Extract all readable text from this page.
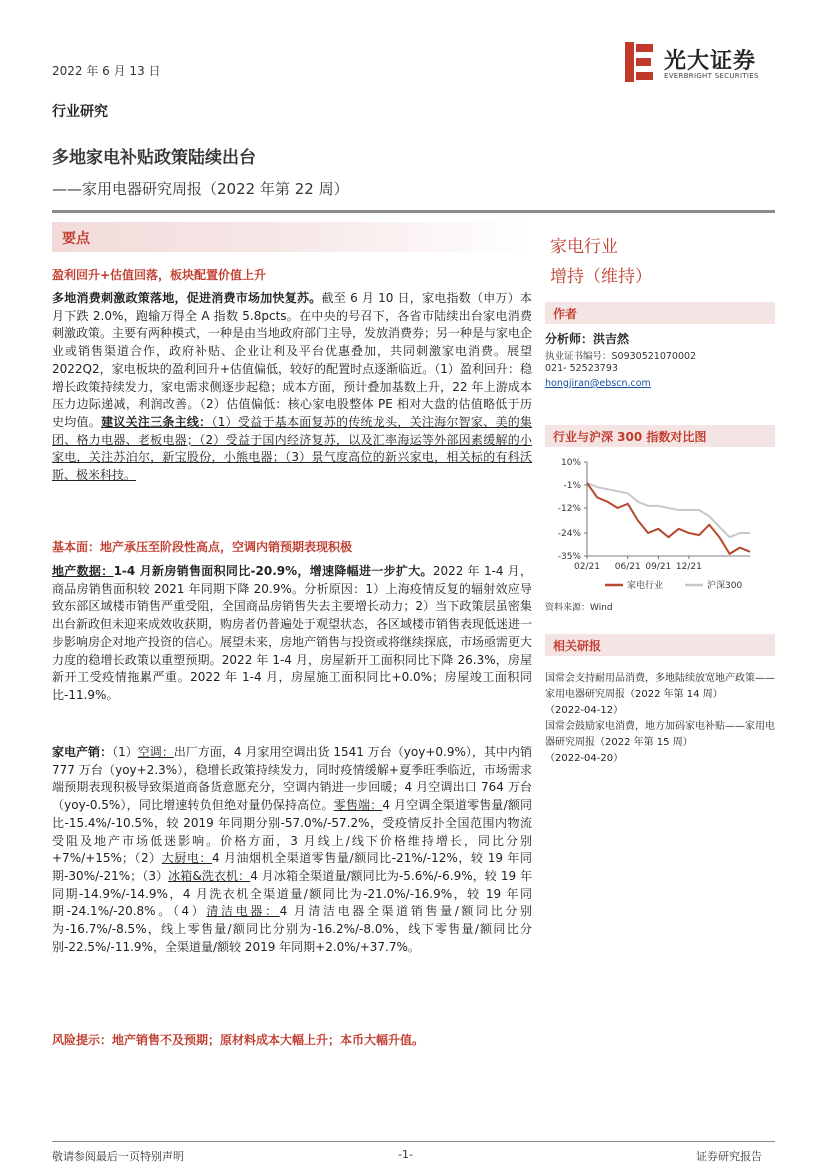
2022 年 6 月 13 日	光大证券
EVERBRIGHT SECURITIES
行业研究
多地家电补贴政策陆续出台
——家用电器研究周报（2022 年第 22 周）
要点
盈利回升+估值回落，板块配置价值上升
多地消费刺激政策落地，促进消费市场加快复苏。截至 6 月 10 日，家电指数（申万）本月下跌 2.0%，跑输万得全 A 指数 5.8pcts。在中央的号召下，各省市陆续出台家电消费刺激政策。主要有两种模式，一种是由当地政府部门主导，发放消费券；另一种是与家电企业或销售渠道合作，政府补贴、企业让利及平台优惠叠加，共同刺激家电消费。展望 2022Q2，家电板块的盈利回升+估值偏低，较好的配置时点逐渐临近。（1）盈利回升：稳增长政策持续发力，家电需求侧逐步起稳；成本方面，预计叠加基数上升，22 年上游成本压力边际递减，利润改善。（2）估值偏低：核心家电股整体 PE 相对大盘的估值略低于历史均值。建议关注三条主线：（1）受益于基本面复苏的传统龙头，关注海尔智家、美的集团、格力电器、老板电器；（2）受益于国内经济复苏，以及汇率海运等外部因素缓解的小家电，关注苏泊尔，新宝股份，小熊电器；（3）景气度高位的新兴家电，相关标的有科沃斯、极米科技。
基本面：地产承压至阶段性高点，空调内销预期表现积极
地产数据：1-4 月新房销售面积同比-20.9%，增速降幅进一步扩大。2022 年 1-4 月，商品房销售面积较 2021 年同期下降 20.9%。分析原因：1）上海疫情反复的辐射效应导致东部区域楼市销售严重受阻，全国商品房销售失去主要增长动力；2）当下政策层虽密集出台新政但未迎来成效收获期，购房者仍普遍处于观望状态，各区域楼市销售表现低迷进一步影响房企对地产投资的信心。展望未来，房地产销售与投资或将继续探底，市场亟需更大力度的稳增长政策以重塑预期。2022 年 1-4 月，房屋新开工面积同比下降 26.3%，房屋新开工受疫情拖累严重。2022 年 1-4 月，房屋施工面积同比+0.0%；房屋竣工面积同比-11.9%。
家电产销：（1）空调：出厂方面，4 月家用空调出货 1541 万台（yoy+0.9%），其中内销 777 万台（yoy+2.3%），稳增长政策持续发力，同时疫情缓解+夏季旺季临近，市场需求端预期表现积极导致渠道商备货意愿充分，空调内销进一步回暖；4 月空调出口 764 万台（yoy-0.5%），同比增速转负但绝对量仍保持高位。零售端：4 月空调全渠道零售量/额同比-15.4%/-10.5%，较 2019 年同期分别-57.0%/-57.2%，受疫情反扑全国范围内物流受阻及地产市场低迷影响。价格方面，3 月线上/线下价格维持增长，同比分别+7%/+15%；（2）大厨电：4 月油烟机全渠道零售量/额同比-21%/-12%，较 19 年同期-30%/-21%；（3）冰箱&洗衣机：4 月冰箱全渠道量/额同比为-5.6%/-6.9%，较 19 年同期-14.9%/-14.9%，4 月洗衣机全渠道量/额同比为-21.0%/-16.9%，较 19 年同期-24.1%/-20.8%。（4）清洁电器：4 月清洁电器全渠道销售量/额同比分别为-16.7%/-8.5%，线上零售量/额同比分别为-16.2%/-8.0%，线下零售量/额同比分别-22.5%/-11.9%，全渠道量/额较 2019 年同期+2.0%/+37.7%。
风险提示：地产销售不及预期；原材料成本大幅上升；本币大幅升值。
家电行业
增持（维持）
作者
分析师：洪吉然
执业证书编号：S0930521070002
021- 52523793
hongjiran@ebscn.com
行业与沪深 300 指数对比图
10%
-1%
-12%
-24%
-35%
02/21 06/21 09/21 12/21
家电行业	沪深300
资料来源：Wind
相关研报
国常会支持耐用品消费，多地陆续放宽地产政策——家用电器研究周报（2022 年第 14 周）
（2022-04-12）
国常会鼓励家电消费，地方加码家电补贴——家用电器研究周报（2022 年第 15 周）
（2022-04-20）
敬请参阅最后一页特别声明	-1-	证券研究报告
